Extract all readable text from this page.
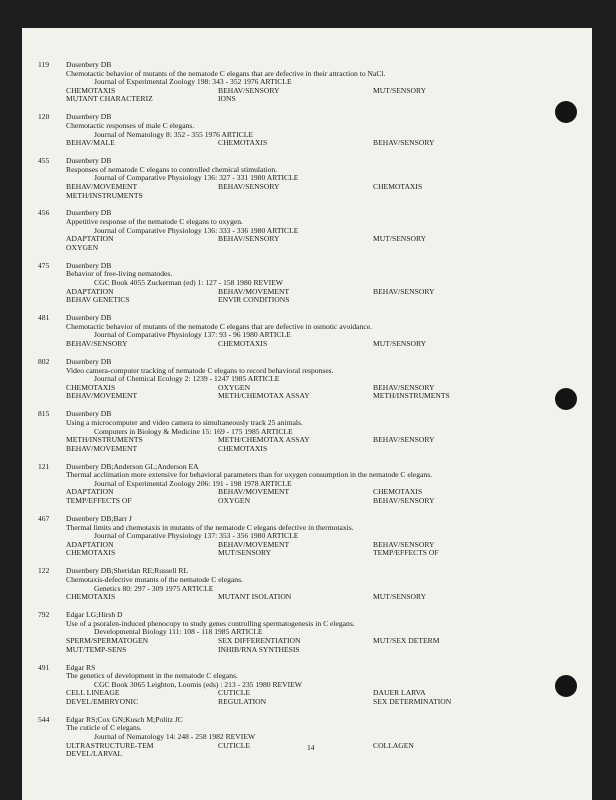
119 Dusenbery DB
Chemotactic behavior of mutants of the nematode C elegans that are defective in their attraction to NaCl.
Journal of Experimental Zoology 198: 343 - 352 1976 ARTICLE
CHEMOTAXIS	BEHAV/SENSORY	MUT/SENSORY
MUTANT CHARACTERIZ	IONS
120 Dusenbery DB
Chemotactic responses of male C elegans.
Journal of Nematology 8: 352 - 355 1976 ARTICLE
BEHAV/MALE	CHEMOTAXIS	BEHAV/SENSORY
455 Dusenbery DB
Responses of nematode C elegans to controlled chemical stimulation.
Journal of Comparative Physiology 136: 327 - 331 1980 ARTICLE
BEHAV/MOVEMENT	BEHAV/SENSORY	CHEMOTAXIS
METH/INSTRUMENTS
456 Dusenbery DB
Appetitive response of the nematode C elegans to oxygen.
Journal of Comparative Physiology 136: 333 - 336 1980 ARTICLE
ADAPTATION	BEHAV/SENSORY	MUT/SENSORY
OXYGEN
475 Dusenbery DB
Behavior of free-living nematodes.
CGC Book 4055 Zuckerman (ed) 1: 127 - 158 1980 REVIEW
ADAPTATION	BEHAV/MOVEMENT	BEHAV/SENSORY
BEHAV GENETICS	ENVIR CONDITIONS
481 Dusenbery DB
Chemotactic behavior of mutants of the nematode C elegans that are defective in osmotic avoidance.
Journal of Comparative Physiology 137: 93 - 96 1980 ARTICLE
BEHAV/SENSORY	CHEMOTAXIS	MUT/SENSORY
802 Dusenbery DB
Video camera-computer tracking of nematode C elegans to record behavioral responses.
Journal of Chemical Ecology 2: 1239 - 1247 1985 ARTICLE
CHEMOTAXIS	OXYGEN	BEHAV/SENSORY
BEHAV/MOVEMENT	METH/CHEMOTAX ASSAY	METH/INSTRUMENTS
815 Dusenbery DB
Using a microcomputer and video camera to simultaneously track 25 animals.
Computers in Biology & Medicine 15: 169 - 175 1985 ARTICLE
METH/INSTRUMENTS	METH/CHEMOTAX ASSAY	BEHAV/SENSORY
BEHAV/MOVEMENT	CHEMOTAXIS
121 Dusenbery DB;Anderson GL;Anderson EA
Thermal acclimation more extensive for behavioral parameters than for oxygen consumption in the nematode C elegans.
Journal of Experimental Zoology 206: 191 - 198 1978 ARTICLE
ADAPTATION	BEHAV/MOVEMENT	CHEMOTAXIS
TEMP/EFFECTS OF	OXYGEN	BEHAV/SENSORY
467 Dusenbery DB;Barr J
Thermal limits and chemotaxis in mutants of the nematode C elegans defective in thermotaxis.
Journal of Comparative Physiology 137: 353 - 356 1980 ARTICLE
ADAPTATION	BEHAV/MOVEMENT	BEHAV/SENSORY
CHEMOTAXIS	MUT/SENSORY	TEMP/EFFECTS OF
122 Dusenbery DB;Sheridan RE;Russell RL
Chemotaxis-defective mutants of the nematode C elegans.
Genetics 80: 297 - 309 1975 ARTICLE
CHEMOTAXIS	MUTANT ISOLATION	MUT/SENSORY
792 Edgar LG;Hirsh D
Use of a psoralen-induced phenocopy to study genes controlling spermatogenesis in C elegans.
Developmental Biology 111: 108 - 118 1985 ARTICLE
SPERM/SPERMATOGEN	SEX DIFFERENTIATION	MUT/SEX DETERM
MUT/TEMP-SENS	INHIB/RNA SYNTHESIS
491 Edgar RS
The genetics of development in the nematode C elegans.
CGC Book 3065 Leighton, Loomis (eds) : 213 - 235 1980 REVIEW
CELL LINEAGE	CUTICLE	DAUER LARVA
DEVEL/EMBRYONIC	REGULATION	SEX DETERMINATION
544 Edgar RS;Cox GN;Kusch M;Politz JC
The cuticle of C elegans.
Journal of Nematology 14: 248 - 258 1982 REVIEW
ULTRASTRUCTURE-TEM	CUTICLE	COLLAGEN
DEVEL/LARVAL
14
